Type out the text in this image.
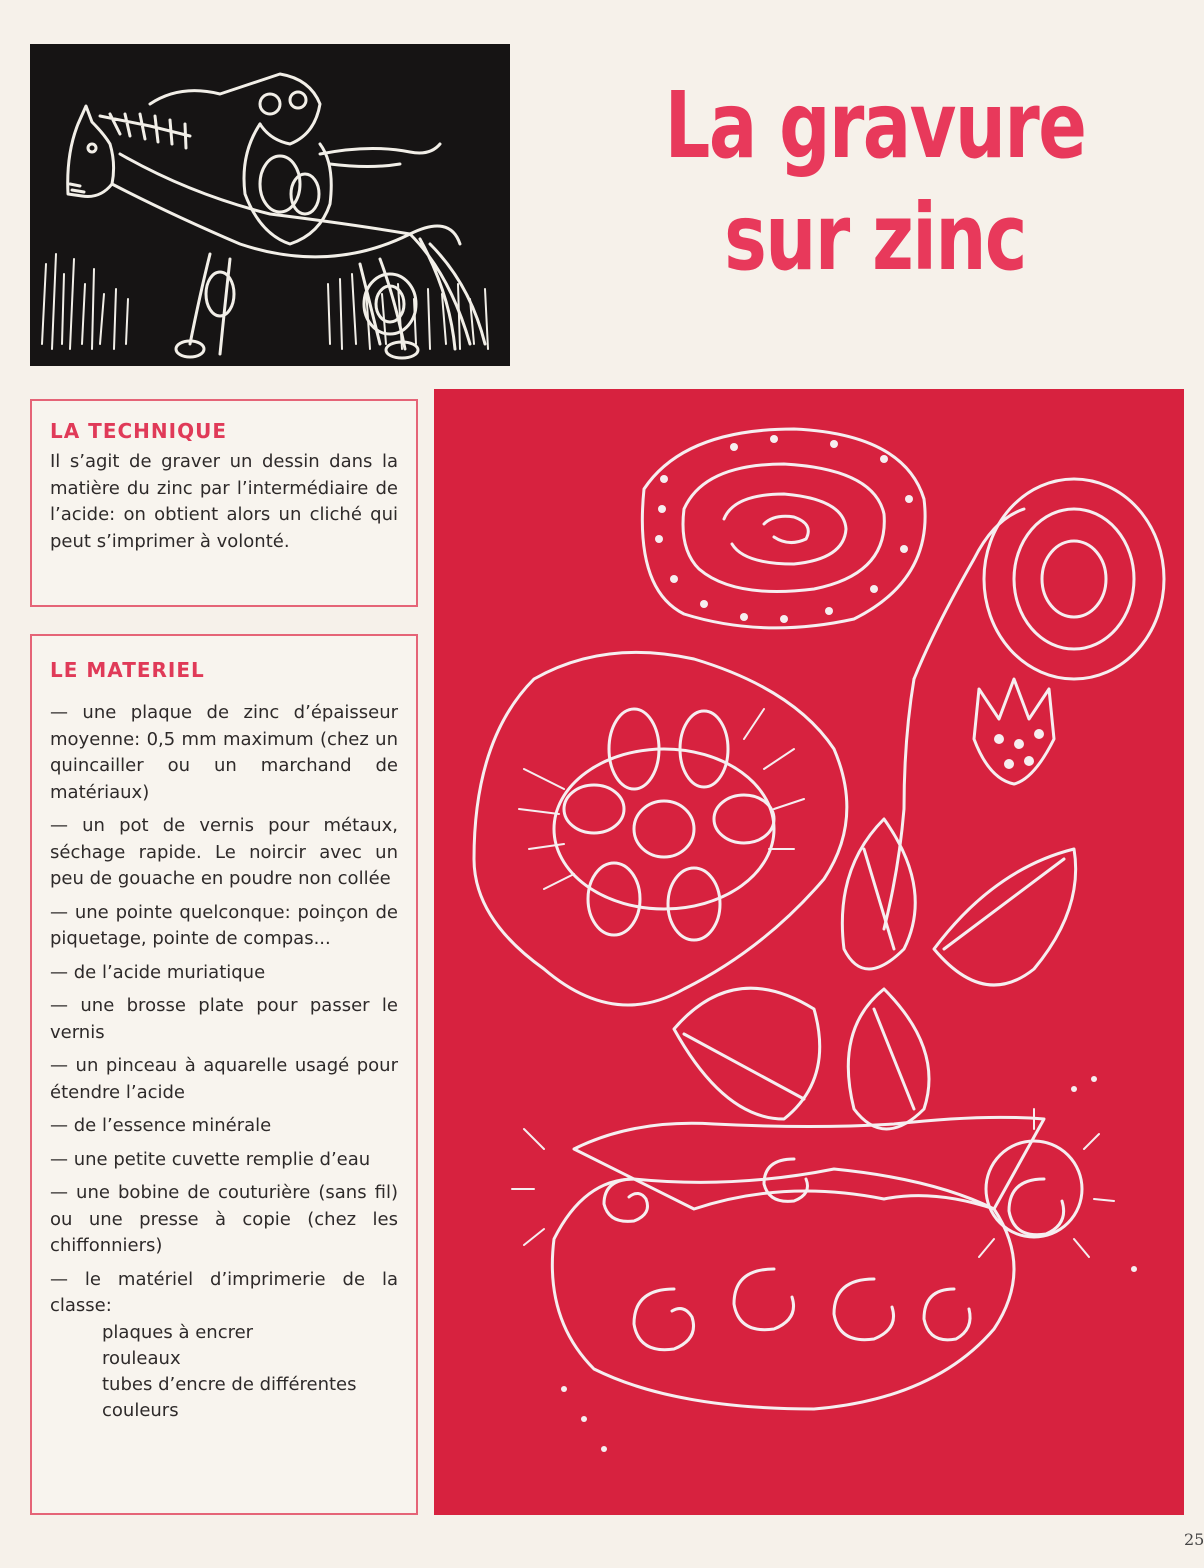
La gravure
sur zinc
LA TECHNIQUE

Il s’agit de graver un dessin dans la matière du zinc par l’intermédiaire de l’acide: on obtient alors un cliché qui peut s’imprimer à volonté.

LE MATERIEL
— une plaque de zinc d’épaisseur moyenne: 0,5 mm maximum (chez un quincailler ou un marchand de matériaux)
— un pot de vernis pour métaux, séchage rapide. Le noircir avec un peu de gouache en poudre non collée
— une pointe quelconque: poinçon de piquetage, pointe de compas...
— de l’acide muriatique
— une brosse plate pour passer le vernis
— un pinceau à aquarelle usagé pour étendre l’acide
— de l’essence minérale
— une petite cuvette remplie d’eau
— une bobine de couturière (sans fil) ou une presse à copie (chez les chiffonniers)
— le matériel d’imprimerie de la classe:
plaques à encrer
rouleaux
tubes d’encre de différentes couleurs
25
